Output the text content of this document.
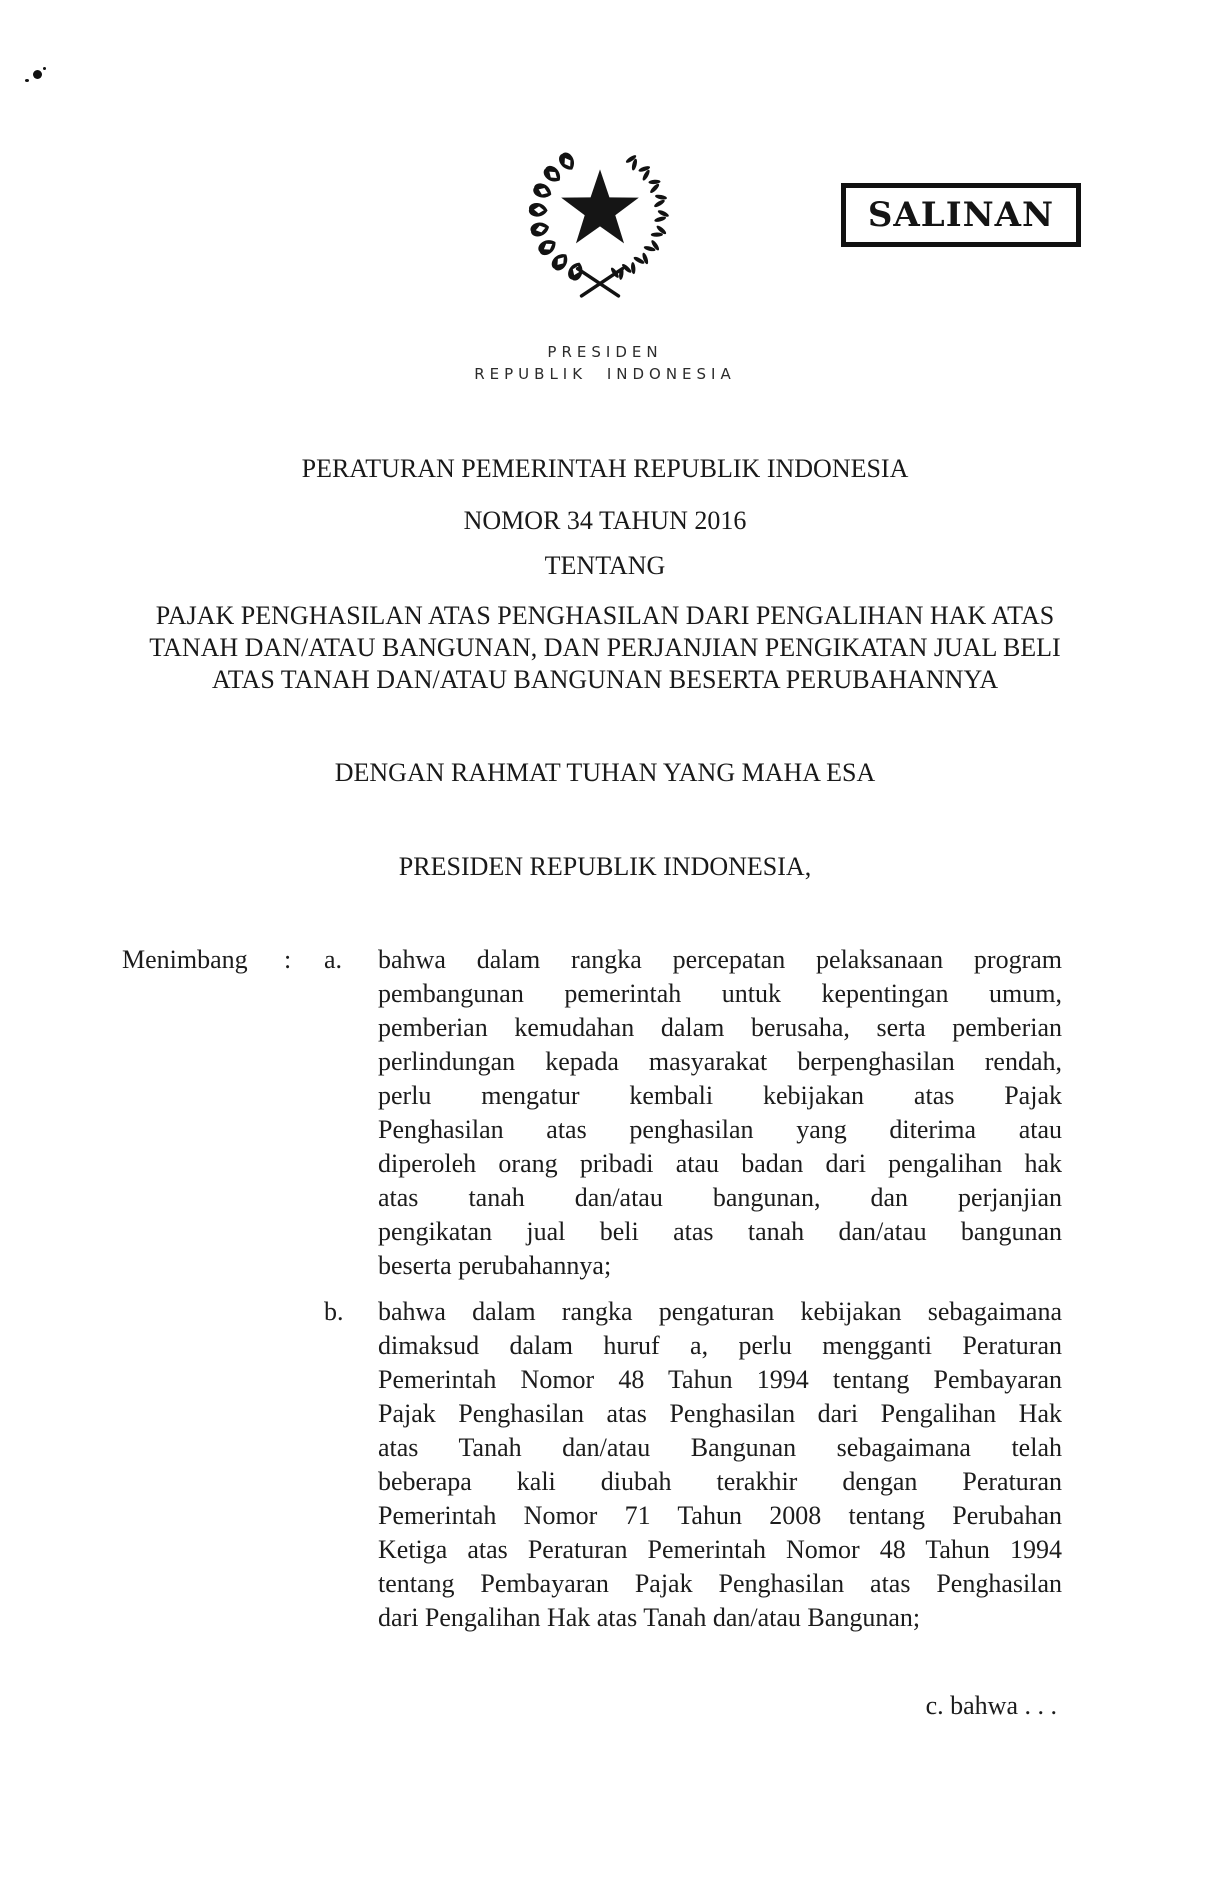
SALINAN
PRESIDEN
REPUBLIK INDONESIA
PERATURAN PEMERINTAH REPUBLIK INDONESIA
NOMOR 34 TAHUN 2016
TENTANG
PAJAK PENGHASILAN ATAS PENGHASILAN DARI PENGALIHAN HAK ATAS
TANAH DAN/ATAU BANGUNAN, DAN PERJANJIAN PENGIKATAN JUAL BELI
ATAS TANAH DAN/ATAU BANGUNAN BESERTA PERUBAHANNYA
DENGAN RAHMAT TUHAN YANG MAHA ESA
PRESIDEN REPUBLIK INDONESIA,
Menimbang	:	a.	bahwa dalam rangka percepatan pelaksanaan program
pembangunan pemerintah untuk kepentingan umum,
pemberian kemudahan dalam berusaha, serta pemberian
perlindungan kepada masyarakat berpenghasilan rendah,
perlu mengatur kembali kebijakan atas Pajak
Penghasilan atas penghasilan yang diterima atau
diperoleh orang pribadi atau badan dari pengalihan hak
atas tanah dan/atau bangunan, dan perjanjian
pengikatan jual beli atas tanah dan/atau bangunan
beserta perubahannya;
b.	bahwa dalam rangka pengaturan kebijakan sebagaimana
dimaksud dalam huruf a, perlu mengganti Peraturan
Pemerintah Nomor 48 Tahun 1994 tentang Pembayaran
Pajak Penghasilan atas Penghasilan dari Pengalihan Hak
atas Tanah dan/atau Bangunan sebagaimana telah
beberapa kali diubah terakhir dengan Peraturan
Pemerintah Nomor 71 Tahun 2008 tentang Perubahan
Ketiga atas Peraturan Pemerintah Nomor 48 Tahun 1994
tentang Pembayaran Pajak Penghasilan atas Penghasilan
dari Pengalihan Hak atas Tanah dan/atau Bangunan;
c. bahwa . . .
